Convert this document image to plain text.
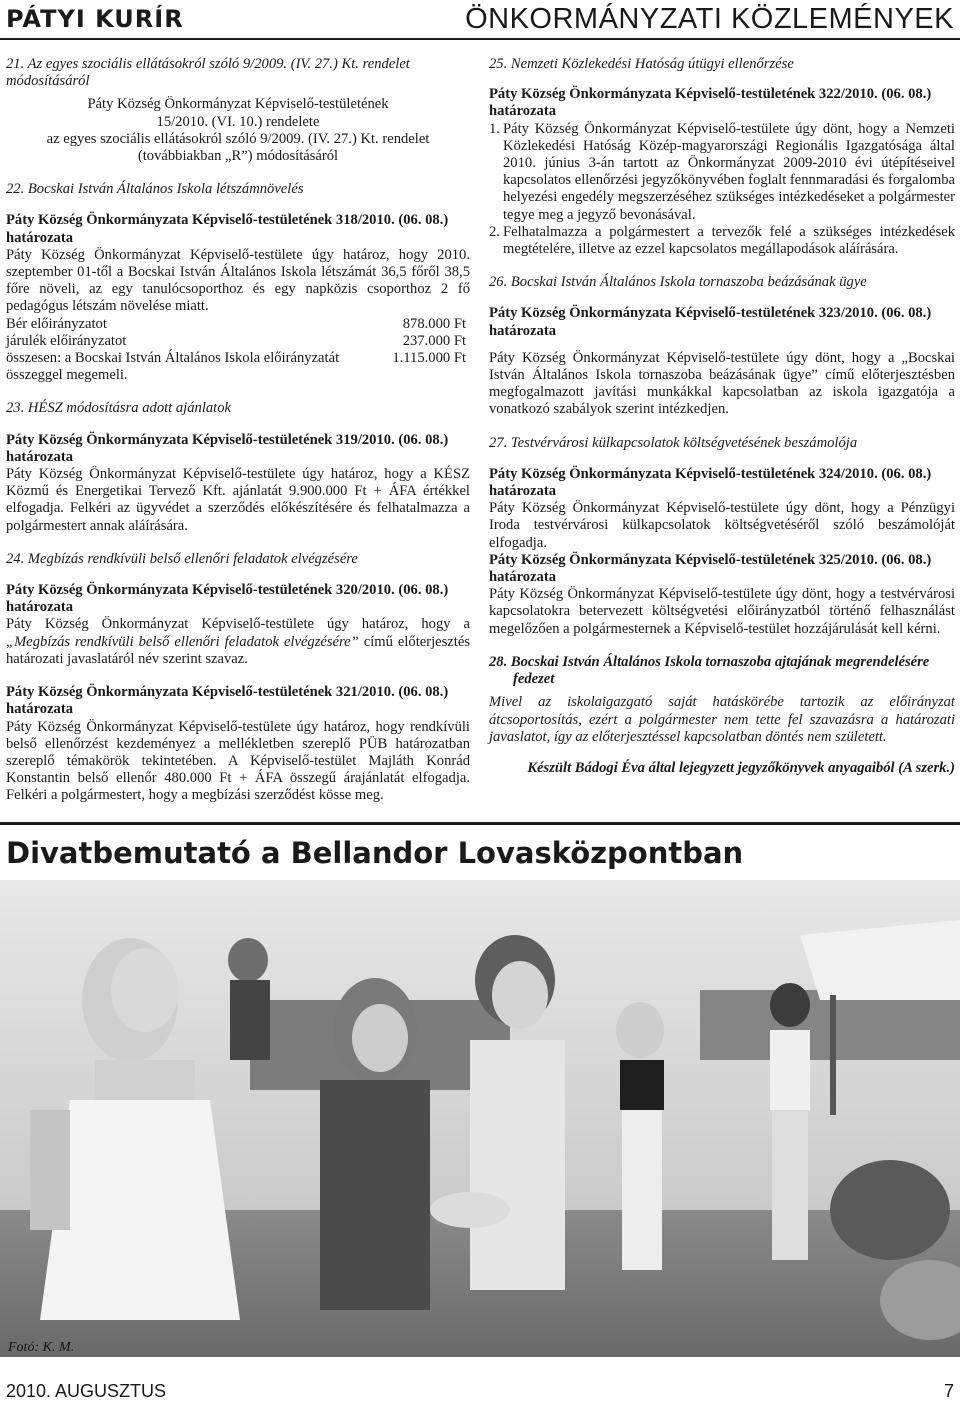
PÁTYI KURÍR	ÖNKORMÁNYZATI KÖZLEMÉNYEK
21. Az egyes szociális ellátásokról szóló 9/2009. (IV. 27.) Kt. rendelet
módosításáról
Páty Község Önkormányzat Képviselő-testületének
15/2010. (VI. 10.) rendelete
az egyes szociális ellátásokról szóló 9/2009. (IV. 27.) Kt. rendelet
(továbbiakban „R”) módosításáról
22. Bocskai István Általános Iskola létszámnövelés
Páty Község Önkormányzata Képviselő-testületének 318/2010. (06. 08.)
határozata
Páty Község Önkormányzat Képviselő-testülete úgy határoz, hogy 2010. szeptember 01-től a Bocskai István Általános Iskola létszámát 36,5 főről 38,5 főre növeli, az egy tanulócsoporthoz és egy napközis csoporthoz 2 fő pedagógus létszám növelése miatt.
Bér előirányzatot	878.000 Ft
járulék előirányzatot	237.000 Ft
összesen: a Bocskai István Általános Iskola előirányzatát	1.115.000 Ft
összeggel megemeli.
23. HÉSZ módosításra adott ajánlatok
Páty Község Önkormányzata Képviselő-testületének 319/2010. (06. 08.)
határozata
Páty Község Önkormányzat Képviselő-testülete úgy határoz, hogy a KÉSZ Közmű és Energetikai Tervező Kft. ajánlatát 9.900.000 Ft + ÁFA értékkel elfogadja. Felkéri az ügyvédet a szerződés előkészítésére és felhatalmazza a polgármestert annak aláírására.
24. Megbízás rendkívüli belső ellenőri feladatok elvégzésére
Páty Község Önkormányzata Képviselő-testületének 320/2010. (06. 08.)
határozata
Páty Község Önkormányzat Képviselő-testülete úgy határoz, hogy a „Megbízás rendkívüli belső ellenőri feladatok elvégzésére” című előterjesztés határozati javaslatáról név szerint szavaz.
Páty Község Önkormányzata Képviselő-testületének 321/2010. (06. 08.)
határozata
Páty Község Önkormányzat Képviselő-testülete úgy határoz, hogy rendkívüli belső ellenőrzést kezdeményez a mellékletben szereplő PÜB határozatban szereplő témakörök tekintetében. A Képviselő-testület Majláth Konrád Konstantin belső ellenőr 480.000 Ft + ÁFA összegű árajánlatát elfogadja. Felkéri a polgármestert, hogy a megbízási szerződést kösse meg.
25. Nemzeti Közlekedési Hatóság útügyi ellenőrzése
Páty Község Önkormányzata Képviselő-testületének 322/2010. (06. 08.)
határozata
1. Páty Község Önkormányzat Képviselő-testülete úgy dönt, hogy a Nemzeti Közlekedési Hatóság Közép-magyarországi Regionális Igazgatósága által 2010. június 3-án tartott az Önkormányzat 2009-2010 évi útépítéseivel kapcsolatos ellenőrzési jegyzőkönyvében foglalt fennmaradási és forgalomba helyezési engedély megszerzéséhez szükséges intézkedéseket a polgármester tegye meg a jegyző bevonásával.
2. Felhatalmazza a polgármestert a tervezők felé a szükséges intézkedések megtételére, illetve az ezzel kapcsolatos megállapodások aláírására.
26. Bocskai István Általános Iskola tornaszoba beázásának ügye
Páty Község Önkormányzata Képviselő-testületének 323/2010. (06. 08.)
határozata
Páty Község Önkormányzat Képviselő-testülete úgy dönt, hogy a „Bocskai István Általános Iskola tornaszoba beázásának ügye” című előterjesztésben megfogalmazott javítási munkákkal kapcsolatban az iskola igazgatója a vonatkozó szabályok szerint intézkedjen.
27. Testvérvárosi külkapcsolatok költségvetésének beszámolója
Páty Község Önkormányzata Képviselő-testületének 324/2010. (06. 08.)
határozata
Páty Község Önkormányzat Képviselő-testülete úgy dönt, hogy a Pénzügyi Iroda testvérvárosi külkapcsolatok költségvetéséről szóló beszámolóját elfogadja.
Páty Község Önkormányzata Képviselő-testületének 325/2010. (06. 08.)
határozata
Páty Község Önkormányzat Képviselő-testülete úgy dönt, hogy a testvérvárosi kapcsolatokra betervezett költségvetési előirányzatból történő felhasználást megelőzően a polgármesternek a Képviselő-testület hozzájárulását kell kérni.
28. Bocskai István Általános Iskola tornaszoba ajtajának megrendelésére
fedezet
Mivel az iskolaigazgató saját hatáskörébe tartozik az előirányzat átcsoportosítás, ezért a polgármester nem tette fel szavazásra a határozati javaslatot, így az előterjesztéssel kapcsolatban döntés nem született.
Készült Bádogi Éva által lejegyzett jegyzőkönyvek anyagaiból (A szerk.)
Divatbemutató a Bellandor Lovasközpontban
Fotó: K. M.
2010. AUGUSZTUS	7
